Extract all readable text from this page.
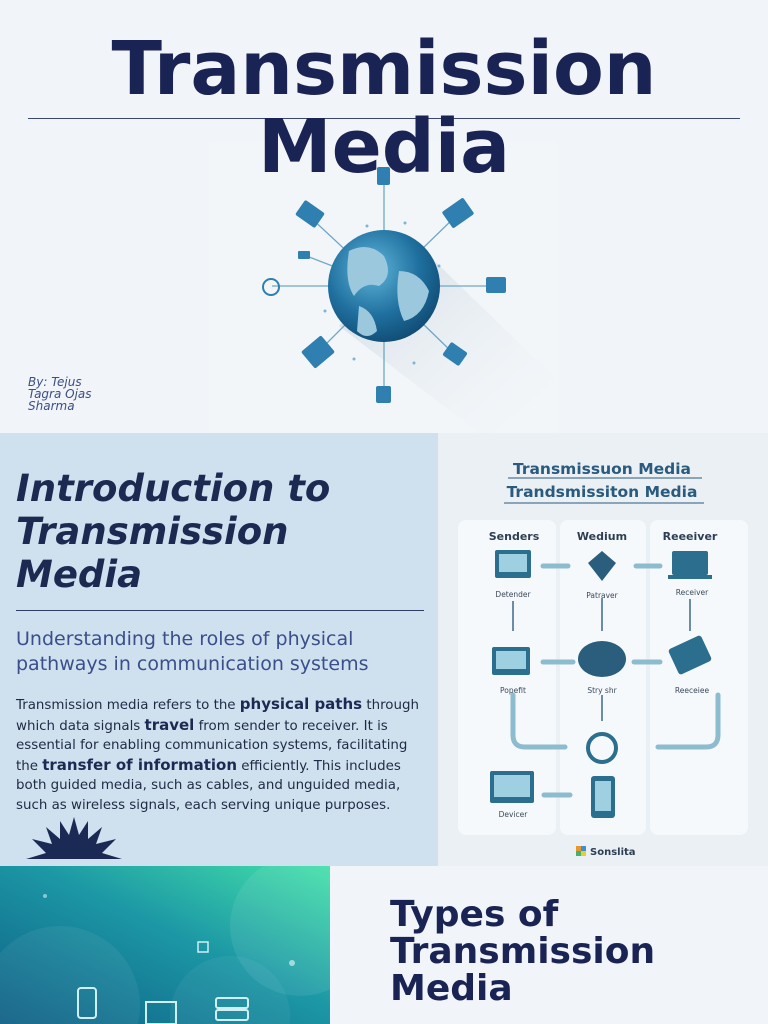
Transmission Media
By: Tejus Tagra Ojas Sharma
Introduction to Transmission Media
Understanding the roles of physical pathways in communication systems

Transmission media refers to the physical paths through which data signals travel from sender to receiver. It is essential for enabling communication systems, facilitating the transfer of information efficiently. This includes both guided media, such as cables, and unguided media, such as wireless signals, each serving unique purposes.

Transmissuon Media
Trandsmissiton Media
Senders	Wedium	Reeeiver
Detender	Patraver	Receiver
Popefit	Stry shr	Reeceiee
Devicer
Sonslita
Types of Transmission Media
